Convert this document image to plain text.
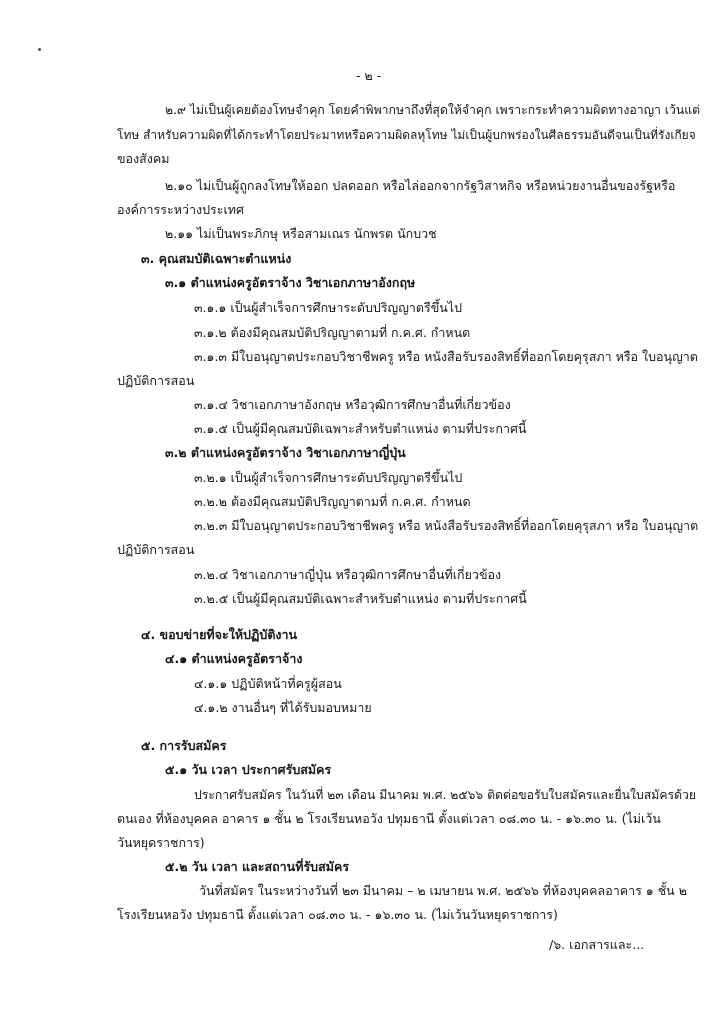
- ๒ -
๒.๙ ไม่เป็นผู้เคยต้องโทษจำคุก โดยคำพิพากษาถึงที่สุดให้จำคุก เพราะกระทำความผิดทางอาญา เว้นแต่
โทษ สำหรับความผิดที่ได้กระทำโดยประมาทหรือความผิดลหุโทษ ไม่เป็นผู้บกพร่องในศีลธรรมอันดีจนเป็นที่รังเกียจ
ของสังคม
๒.๑๐ ไม่เป็นผู้ถูกลงโทษให้ออก ปลดออก หรือไล่ออกจากรัฐวิสาหกิจ หรือหน่วยงานอื่นของรัฐหรือ
องค์การระหว่างประเทศ
๒.๑๑ ไม่เป็นพระภิกษุ หรือสามเณร นักพรต นักบวช
๓. คุณสมบัติเฉพาะตำแหน่ง
๓.๑ ตำแหน่งครูอัตราจ้าง วิชาเอกภาษาอังกฤษ
๓.๑.๑ เป็นผู้สำเร็จการศึกษาระดับปริญญาตรีขึ้นไป
๓.๑.๒ ต้องมีคุณสมบัติปริญญาตามที่ ก.ค.ศ. กำหนด
๓.๑.๓ มีใบอนุญาตประกอบวิชาชีพครู หรือ หนังสือรับรองสิทธิ์ที่ออกโดยคุรุสภา หรือ ใบอนุญาต
ปฏิบัติการสอน
๓.๑.๔ วิชาเอกภาษาอังกฤษ หรือวุฒิการศึกษาอื่นที่เกี่ยวข้อง
๓.๑.๕ เป็นผู้มีคุณสมบัติเฉพาะสำหรับตำแหน่ง ตามที่ประกาศนี้
๓.๒ ตำแหน่งครูอัตราจ้าง วิชาเอกภาษาญี่ปุ่น
๓.๒.๑ เป็นผู้สำเร็จการศึกษาระดับปริญญาตรีขึ้นไป
๓.๒.๒ ต้องมีคุณสมบัติปริญญาตามที่ ก.ค.ศ. กำหนด
๓.๒.๓ มีใบอนุญาตประกอบวิชาชีพครู หรือ หนังสือรับรองสิทธิ์ที่ออกโดยคุรุสภา หรือ ใบอนุญาต
ปฏิบัติการสอน
๓.๒.๔ วิชาเอกภาษาญี่ปุ่น หรือวุฒิการศึกษาอื่นที่เกี่ยวข้อง
๓.๒.๕ เป็นผู้มีคุณสมบัติเฉพาะสำหรับตำแหน่ง ตามที่ประกาศนี้
๔. ขอบข่ายที่จะให้ปฏิบัติงาน
๔.๑ ตำแหน่งครูอัตราจ้าง
๔.๑.๑ ปฏิบัติหน้าที่ครูผู้สอน
๔.๑.๒ งานอื่นๆ ที่ได้รับมอบหมาย
๕. การรับสมัคร
๕.๑ วัน เวลา ประกาศรับสมัคร
ประกาศรับสมัคร ในวันที่ ๒๓ เดือน มีนาคม พ.ศ. ๒๕๖๖ ติดต่อขอรับใบสมัครและยื่นใบสมัครด้วย
ตนเอง ที่ห้องบุคคล อาคาร ๑ ชั้น ๒ โรงเรียนหอวัง ปทุมธานี ตั้งแต่เวลา ๐๘.๓๐ น. - ๑๖.๓๐ น. (ไม่เว้น
วันหยุดราชการ)
๕.๒ วัน เวลา และสถานที่รับสมัคร
วันที่สมัคร ในระหว่างวันที่ ๒๓ มีนาคม – ๒ เมษายน พ.ศ. ๒๕๖๖ ที่ห้องบุคคลอาคาร ๑ ชั้น ๒
โรงเรียนหอวัง ปทุมธานี ตั้งแต่เวลา ๐๘.๓๐ น. - ๑๖.๓๐ น. (ไม่เว้นวันหยุดราชการ)
/๖. เอกสารและ...
